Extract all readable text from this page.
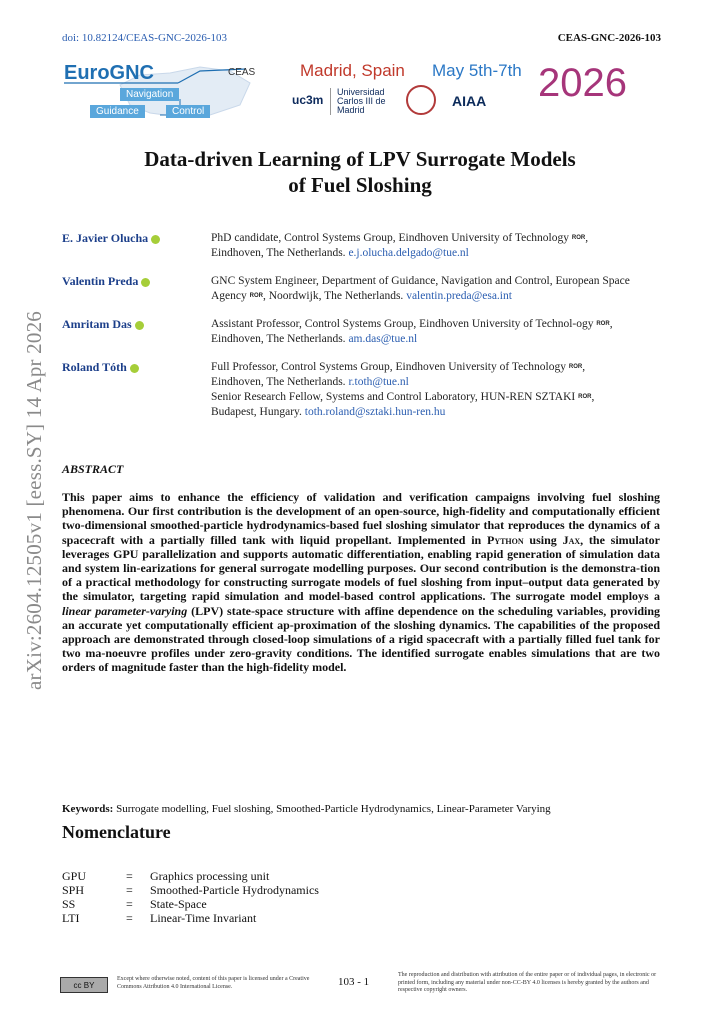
arXiv:2604.12505v1 [eess.SY] 14 Apr 2026
doi: 10.82124/CEAS-GNC-2026-103	CEAS-GNC-2026-103
EuroGNC	CEAS
Navigation
Guidance	Control
Madrid, Spain May 5th-7th 2026
uc3m
Universidad Carlos III de Madrid
AIAA
Data-driven Learning of LPV Surrogate Models
of Fuel Sloshing
E. Javier Olucha	PhD candidate, Control Systems Group, Eindhoven University of Technology ROR,
Eindhoven, The Netherlands. e.j.olucha.delgado@tue.nl
Valentin Preda	GNC System Engineer, Department of Guidance, Navigation and Control, European Space Agency ROR, Noordwijk, The Netherlands. valentin.preda@esa.int
Amritam Das	Assistant Professor, Control Systems Group, Eindhoven University of Technol-ogy ROR, Eindhoven, The Netherlands. am.das@tue.nl
Roland Tóth	Full Professor, Control Systems Group, Eindhoven University of Technology ROR,
Eindhoven, The Netherlands. r.toth@tue.nl
Senior Research Fellow, Systems and Control Laboratory, HUN-REN SZTAKI ROR,
Budapest, Hungary. toth.roland@sztaki.hun-ren.hu
ABSTRACT
This paper aims to enhance the efficiency of validation and verification campaigns involving fuel sloshing phenomena. Our first contribution is the development of an open-source, high-fidelity and computationally efficient two-dimensional smoothed-particle hydrodynamics-based fuel sloshing simulator that reproduces the dynamics of a spacecraft with a partially filled tank with liquid propellant. Implemented in Python using Jax, the simulator leverages GPU parallelization and supports automatic differentiation, enabling rapid generation of simulation data and system lin-earizations for general surrogate modelling purposes. Our second contribution is the demonstra-tion of a practical methodology for constructing surrogate models of fuel sloshing from input–output data generated by the simulator, targeting rapid simulation and model-based control applications. The surrogate model employs a linear parameter-varying (LPV) state-space structure with affine dependence on the scheduling variables, providing an accurate yet computationally efficient ap-proximation of the sloshing dynamics. The capabilities of the proposed approach are demonstrated through closed-loop simulations of a rigid spacecraft with a partially filled fuel tank for two ma-noeuvre profiles under zero-gravity conditions. The identified surrogate enables simulations that are two orders of magnitude faster than the high-fidelity model.
Keywords: Surrogate modelling, Fuel sloshing, Smoothed-Particle Hydrodynamics, Linear-Parameter Varying
Nomenclature
GPU	=	Graphics processing unit
SPH	=	Smoothed-Particle Hydrodynamics
SS	=	State-Space
LTI	=	Linear-Time Invariant
cc BY
Except where otherwise noted, content of this paper is licensed under a Creative Commons Attribution 4.0 International License.	103 - 1
The reproduction and distribution with attribution of the entire paper or of individual pages, in electronic or printed form, including any material under non-CC-BY 4.0 licenses is hereby granted by the authors and respective copyright owners.
